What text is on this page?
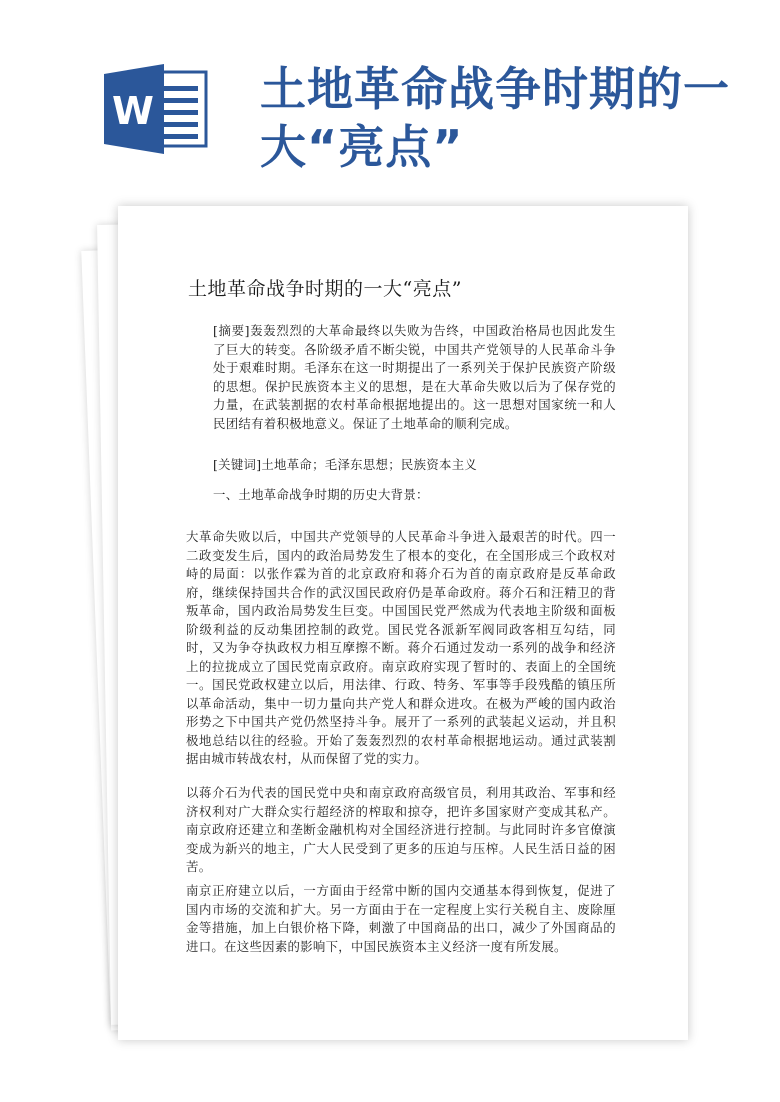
W 土地革命战争时期的一大“亮点”
土地革命战争时期的一大“亮点”
[摘要]轰轰烈烈的大革命最终以失败为告终，中国政治格局也因此发生了巨大的转变。各阶级矛盾不断尖锐，中国共产党领导的人民革命斗争处于艰难时期。毛泽东在这一时期提出了一系列关于保护民族资产阶级的思想。保护民族资本主义的思想，是在大革命失败以后为了保存党的力量，在武装割据的农村革命根据地提出的。这一思想对国家统一和人民团结有着积极地意义。保证了土地革命的顺利完成。
[关键词]土地革命；毛泽东思想；民族资本主义
一、土地革命战争时期的历史大背景：
大革命失败以后，中国共产党领导的人民革命斗争进入最艰苦的时代。四一二政变发生后，国内的政治局势发生了根本的变化，在全国形成三个政权对峙的局面：以张作霖为首的北京政府和蒋介石为首的南京政府是反革命政府，继续保持国共合作的武汉国民政府仍是革命政府。蒋介石和汪精卫的背叛革命，国内政治局势发生巨变。中国国民党严然成为代表地主阶级和面板阶级利益的反动集团控制的政党。国民党各派新军阀同政客相互勾结，同时，又为争夺执政权力相互摩擦不断。蒋介石通过发动一系列的战争和经济上的拉拢成立了国民党南京政府。南京政府实现了暂时的、表面上的全国统一。国民党政权建立以后，用法律、行政、特务、军事等手段残酷的镇压所以革命活动，集中一切力量向共产党人和群众进攻。在极为严峻的国内政治形势之下中国共产党仍然坚持斗争。展开了一系列的武装起义运动，并且积极地总结以往的经验。开始了轰轰烈烈的农村革命根据地运动。通过武装割据由城市转战农村，从而保留了党的实力。
以蒋介石为代表的国民党中央和南京政府高级官员，利用其政治、军事和经济权利对广大群众实行超经济的榨取和掠夺，把许多国家财产变成其私产。南京政府还建立和垄断金融机构对全国经济进行控制。与此同时许多官僚演变成为新兴的地主，广大人民受到了更多的压迫与压榨。人民生活日益的困苦。
南京正府建立以后，一方面由于经常中断的国内交通基本得到恢复，促进了国内市场的交流和扩大。另一方面由于在一定程度上实行关税自主、废除厘金等措施，加上白银价格下降，刺激了中国商品的出口，减少了外国商品的进口。在这些因素的影响下，中国民族资本主义经济一度有所发展。
